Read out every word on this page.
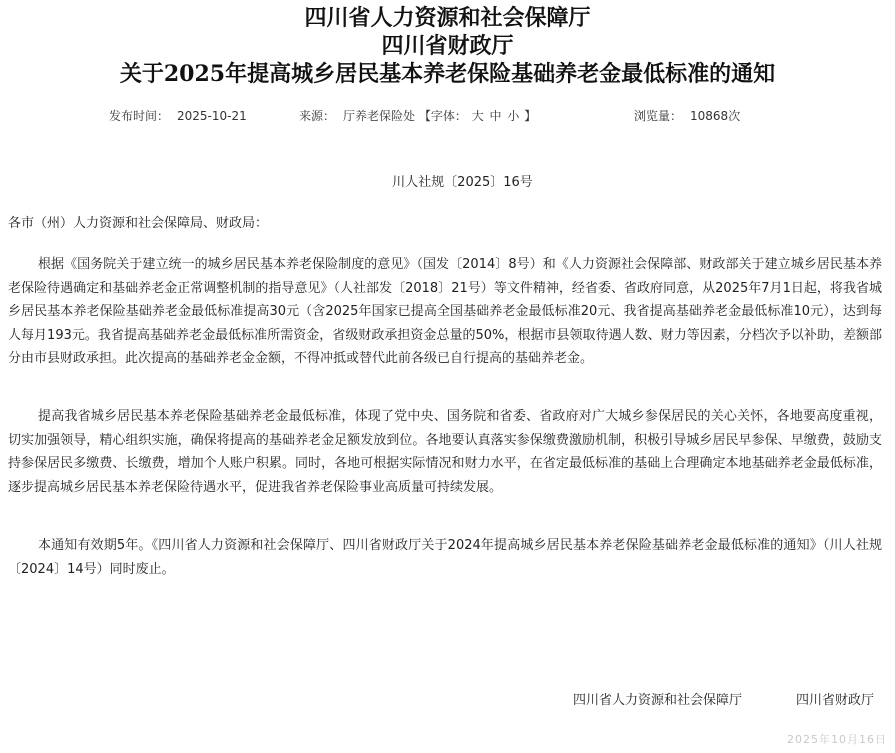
四川省人力资源和社会保障厅
四川省财政厅
关于2025年提高城乡居民基本养老保险基础养老金最低标准的通知
发布时间： 2025-10-21	来源： 厅养老保险处 【字体： 大 中 小 】	浏览量： 10868次
川人社规〔2025〕16号
各市（州）人力资源和社会保障局、财政局：

根据《国务院关于建立统一的城乡居民基本养老保险制度的意见》（国发〔2014〕8号）和《人力资源社会保障部、财政部关于建立城乡居民基本养老保险待遇确定和基础养老金正常调整机制的指导意见》（人社部发〔2018〕21号）等文件精神，经省委、省政府同意，从2025年7月1日起，将我省城乡居民基本养老保险基础养老金最低标准提高30元（含2025年国家已提高全国基础养老金最低标准20元、我省提高基础养老金最低标准10元），达到每人每月193元。我省提高基础养老金最低标准所需资金，省级财政承担资金总量的50%，根据市县领取待遇人数、财力等因素，分档次予以补助，差额部分由市县财政承担。此次提高的基础养老金金额，不得冲抵或替代此前各级已自行提高的基础养老金。

提高我省城乡居民基本养老保险基础养老金最低标准，体现了党中央、国务院和省委、省政府对广大城乡参保居民的关心关怀，各地要高度重视，切实加强领导，精心组织实施，确保将提高的基础养老金足额发放到位。各地要认真落实参保缴费激励机制，积极引导城乡居民早参保、早缴费，鼓励支持参保居民多缴费、长缴费，增加个人账户积累。同时，各地可根据实际情况和财力水平，在省定最低标准的基础上合理确定本地基础养老金最低标准，逐步提高城乡居民基本养老保险待遇水平，促进我省养老保险事业高质量可持续发展。

本通知有效期5年。《四川省人力资源和社会保障厅、四川省财政厅关于2024年提高城乡居民基本养老保险基础养老金最低标准的通知》（川人社规〔2024〕14号）同时废止。

四川省人力资源和社会保障厅	四川省财政厅
2025年10月16日
